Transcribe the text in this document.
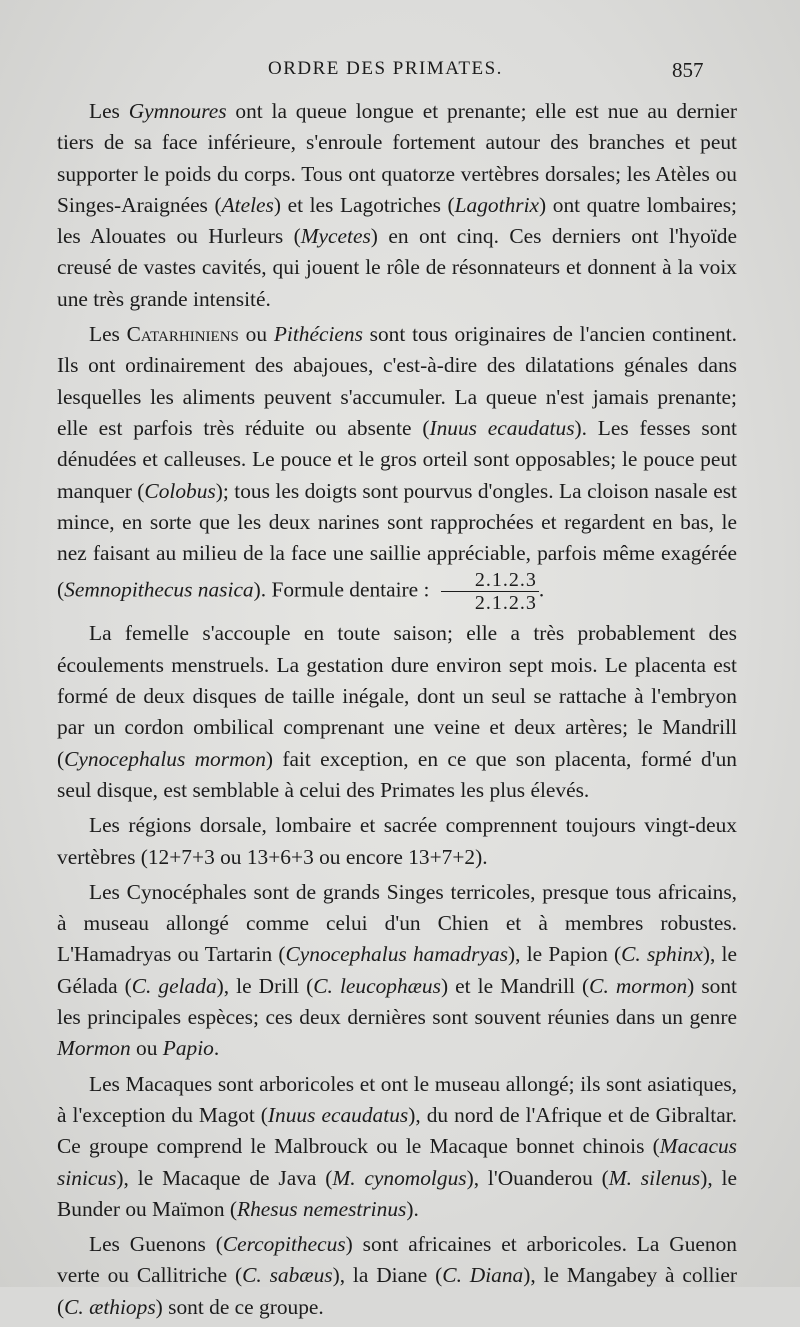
ORDRE DES PRIMATES.	857

Les Gymnoures ont la queue longue et prenante; elle est nue au dernier tiers de sa face inférieure, s'enroule fortement autour des branches et peut supporter le poids du corps. Tous ont quatorze vertèbres dorsales; les Atèles ou Singes-Araignées (Ateles) et les Lagotriches (Lagothrix) ont quatre lombaires; les Alouates ou Hurleurs (Mycetes) en ont cinq. Ces derniers ont l'hyoïde creusé de vastes cavités, qui jouent le rôle de résonnateurs et donnent à la voix une très grande intensité.

Les Catarhiniens ou Pithéciens sont tous originaires de l'ancien continent. Ils ont ordinairement des abajoues, c'est-à-dire des dilatations génales dans lesquelles les aliments peuvent s'accumuler. La queue n'est jamais prenante; elle est parfois très réduite ou absente (Inuus ecaudatus). Les fesses sont dénudées et calleuses. Le pouce et le gros orteil sont opposables; le pouce peut manquer (Colobus); tous les doigts sont pourvus d'ongles. La cloison nasale est mince, en sorte que les deux narines sont rapprochées et regardent en bas, le nez faisant au milieu de la face une saillie appréciable, parfois même exagérée (Semnopithecus nasica). Formule dentaire : $\frac{2.1.2.3}{2.1.2.3}$ .

La femelle s'accouple en toute saison; elle a très probablement des écoulements menstruels. La gestation dure environ sept mois. Le placenta est formé de deux disques de taille inégale, dont un seul se rattache à l'embryon par un cordon ombilical comprenant une veine et deux artères; le Mandrill (Cynocephalus mormon) fait exception, en ce que son placenta, formé d'un seul disque, est semblable à celui des Primates les plus élevés.

Les régions dorsale, lombaire et sacrée comprennent toujours vingt-deux vertèbres (12+7+3 ou 13+6+3 ou encore 13+7+2).

Les Cynocéphales sont de grands Singes terricoles, presque tous africains, à museau allongé comme celui d'un Chien et à membres robustes. L'Hamadryas ou Tartarin (Cynocephalus hamadryas), le Papion (C. sphinx), le Gélada (C. gelada), le Drill (C. leucophæus) et le Mandrill (C. mormon) sont les principales espèces; ces deux dernières sont souvent réunies dans un genre Mormon ou Papio.

Les Macaques sont arboricoles et ont le museau allongé; ils sont asiatiques, à l'exception du Magot (Inuus ecaudatus), du nord de l'Afrique et de Gibraltar. Ce groupe comprend le Malbrouck ou le Macaque bonnet chinois (Macacus sinicus), le Macaque de Java (M. cynomolgus), l'Ouanderou (M. silenus), le Bunder ou Maïmon (Rhesus nemestrinus).

Les Guenons (Cercopithecus) sont africaines et arboricoles. La Guenon verte ou Callitriche (C. sabæus), la Diane (C. Diana), le Mangabey à collier (C. æthiops) sont de ce groupe.
